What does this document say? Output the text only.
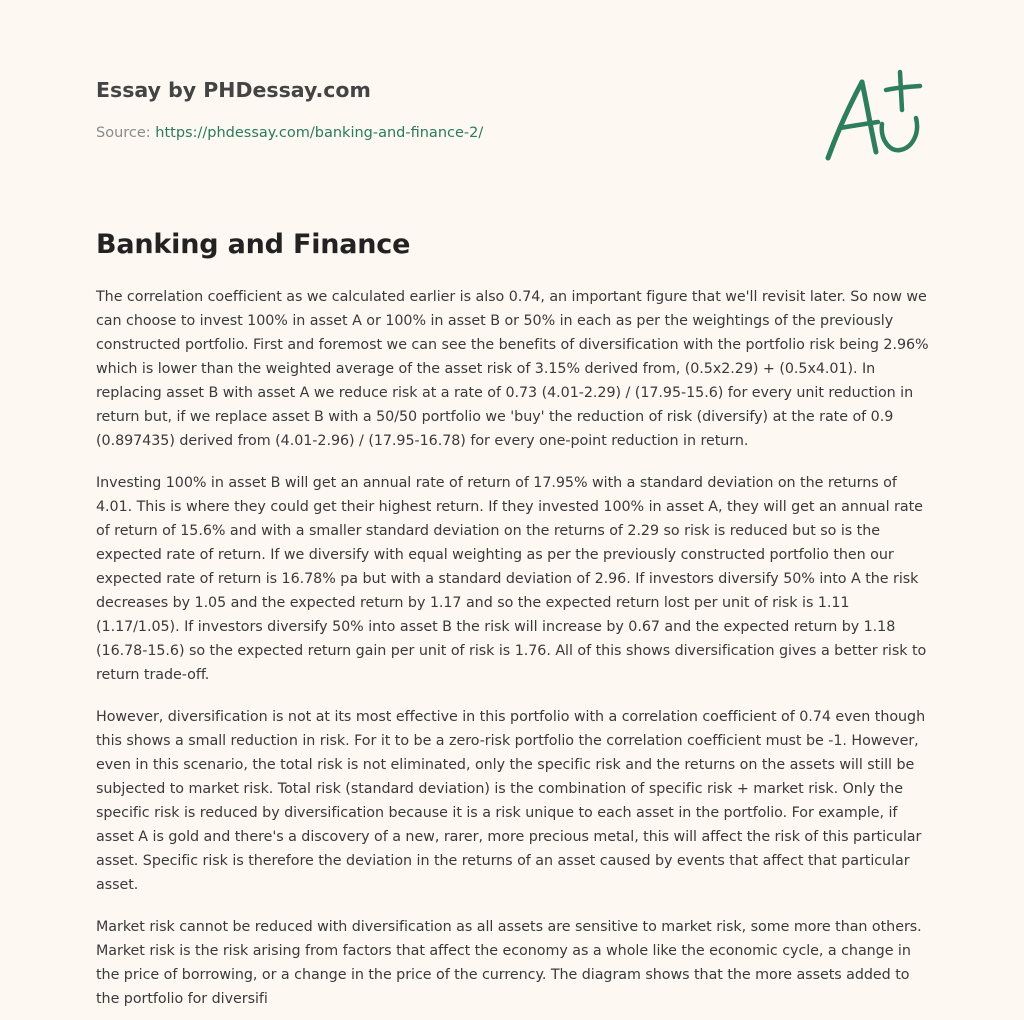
Essay by PHDessay.com
Source: https://phdessay.com/banking-and-finance-2/
Banking and Finance

The correlation coefficient as we calculated earlier is also 0.74, an important figure that we'll revisit later. So now we can choose to invest 100% in asset A or 100% in asset B or 50% in each as per the weightings of the previously constructed portfolio. First and foremost we can see the benefits of diversification with the portfolio risk being 2.96% which is lower than the weighted average of the asset risk of 3.15% derived from, (0.5x2.29) + (0.5x4.01). In replacing asset B with asset A we reduce risk at a rate of 0.73 (4.01-2.29) / (17.95-15.6) for every unit reduction in return but, if we replace asset B with a 50/50 portfolio we 'buy' the reduction of risk (diversify) at the rate of 0.9 (0.897435) derived from (4.01-2.96) / (17.95-16.78) for every one-point reduction in return.

Investing 100% in asset B will get an annual rate of return of 17.95% with a standard deviation on the returns of 4.01. This is where they could get their highest return. If they invested 100% in asset A, they will get an annual rate of return of 15.6% and with a smaller standard deviation on the returns of 2.29 so risk is reduced but so is the expected rate of return. If we diversify with equal weighting as per the previously constructed portfolio then our expected rate of return is 16.78% pa but with a standard deviation of 2.96. If investors diversify 50% into A the risk decreases by 1.05 and the expected return by 1.17 and so the expected return lost per unit of risk is 1.11 (1.17/1.05). If investors diversify 50% into asset B the risk will increase by 0.67 and the expected return by 1.18 (16.78-15.6) so the expected return gain per unit of risk is 1.76. All of this shows diversification gives a better risk to return trade-off.

However, diversification is not at its most effective in this portfolio with a correlation coefficient of 0.74 even though this shows a small reduction in risk. For it to be a zero-risk portfolio the correlation coefficient must be -1. However, even in this scenario, the total risk is not eliminated, only the specific risk and the returns on the assets will still be subjected to market risk. Total risk (standard deviation) is the combination of specific risk + market risk. Only the specific risk is reduced by diversification because it is a risk unique to each asset in the portfolio. For example, if asset A is gold and there's a discovery of a new, rarer, more precious metal, this will affect the risk of this particular asset. Specific risk is therefore the deviation in the returns of an asset caused by events that affect that particular asset.

Market risk cannot be reduced with diversification as all assets are sensitive to market risk, some more than others. Market risk is the risk arising from factors that affect the economy as a whole like the economic cycle, a change in the price of borrowing, or a change in the price of the currency. The diagram shows that the more assets added to the portfolio for diversifi
